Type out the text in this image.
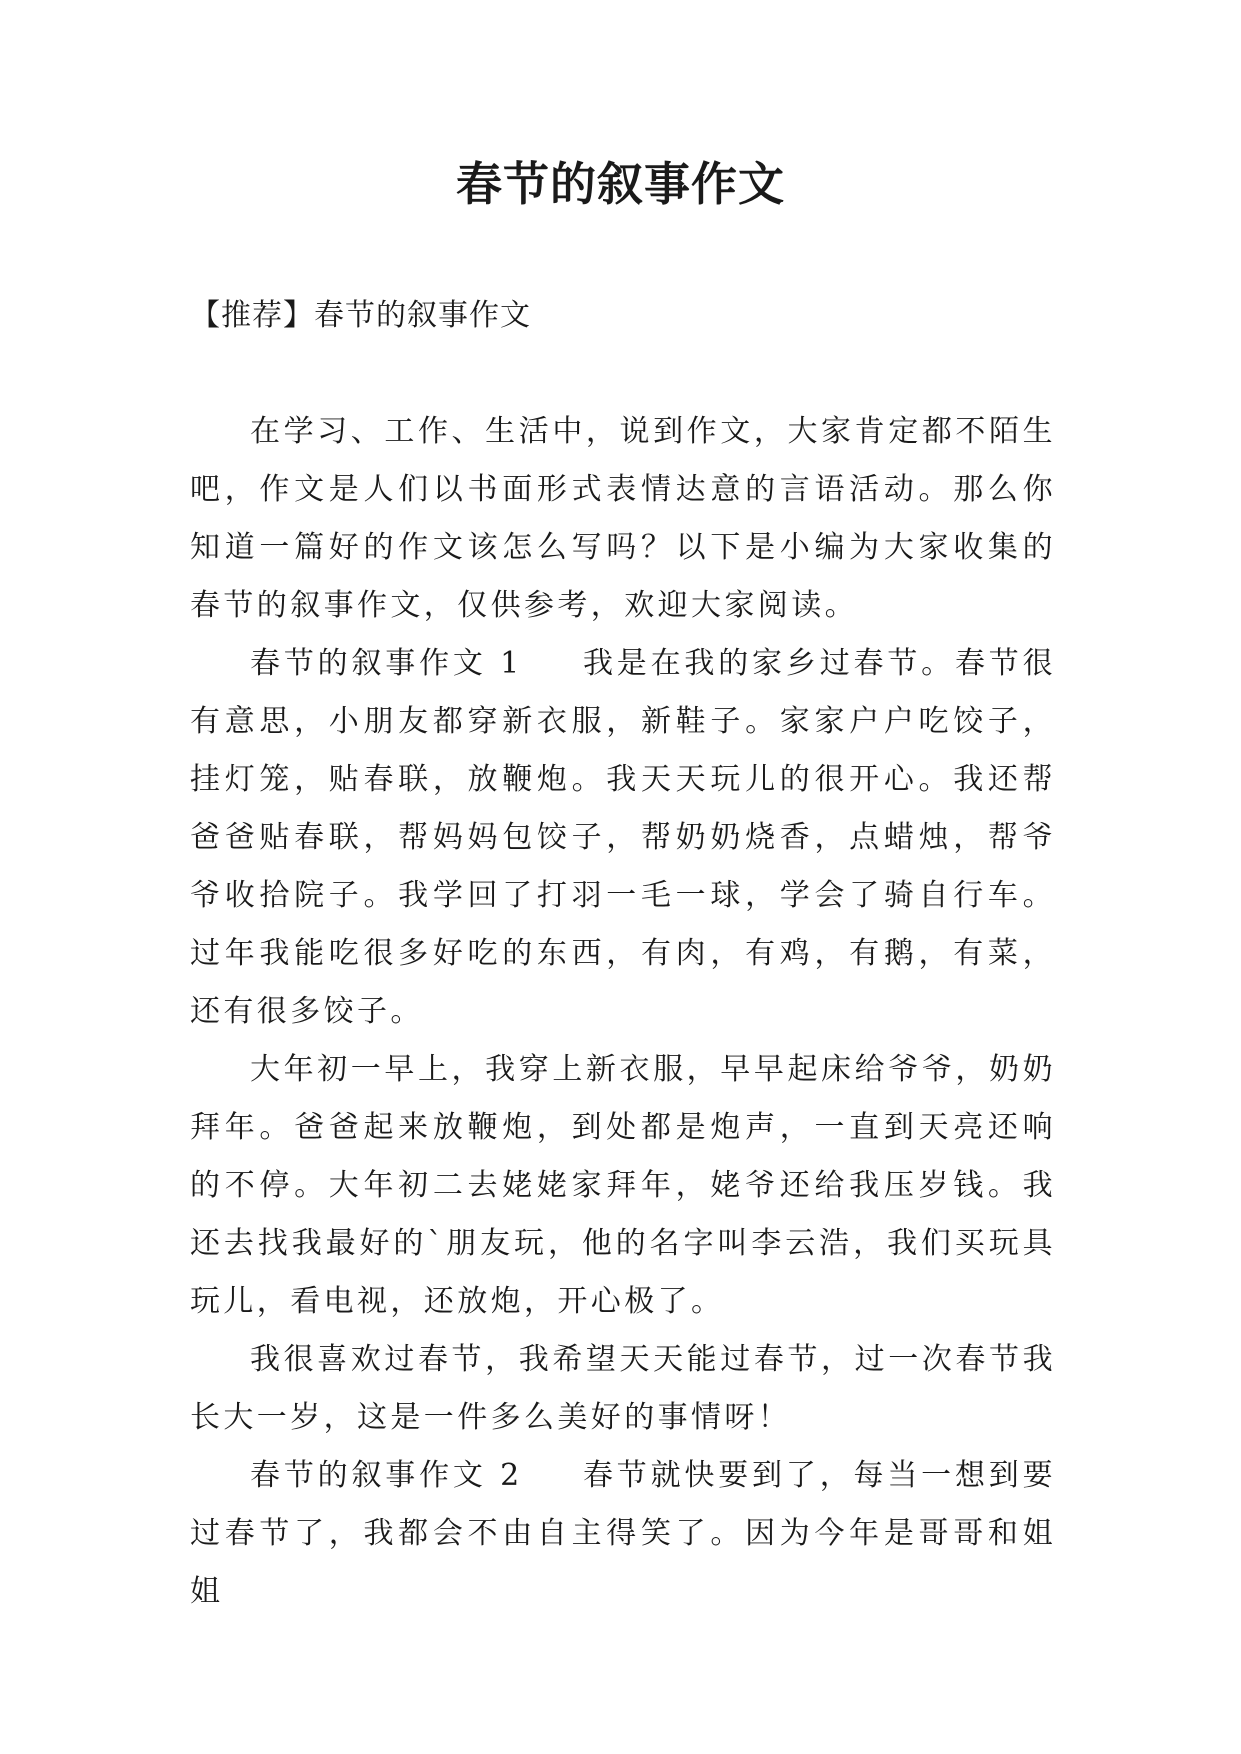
春节的叙事作文

【推荐】春节的叙事作文

在学习、工作、生活中，说到作文，大家肯定都不陌生吧，作文是人们以书面形式表情达意的言语活动。那么你知道一篇好的作文该怎么写吗？以下是小编为大家收集的春节的叙事作文，仅供参考，欢迎大家阅读。

春节的叙事作文 1 我是在我的家乡过春节。春节很有意思，小朋友都穿新衣服，新鞋子。家家户户吃饺子，挂灯笼，贴春联，放鞭炮。我天天玩儿的很开心。我还帮爸爸贴春联，帮妈妈包饺子，帮奶奶烧香，点蜡烛，帮爷爷收拾院子。我学回了打羽一毛一球，学会了骑自行车。过年我能吃很多好吃的东西，有肉，有鸡，有鹅，有菜，还有很多饺子。

大年初一早上，我穿上新衣服，早早起床给爷爷，奶奶拜年。爸爸起来放鞭炮，到处都是炮声，一直到天亮还响的不停。大年初二去姥姥家拜年，姥爷还给我压岁钱。我还去找我最好的`朋友玩，他的名字叫李云浩，我们买玩具玩儿，看电视，还放炮，开心极了。

我很喜欢过春节，我希望天天能过春节，过一次春节我长大一岁，这是一件多么美好的事情呀！

春节的叙事作文 2 春节就快要到了，每当一想到要过春节了，我都会不由自主得笑了。因为今年是哥哥和姐姐
